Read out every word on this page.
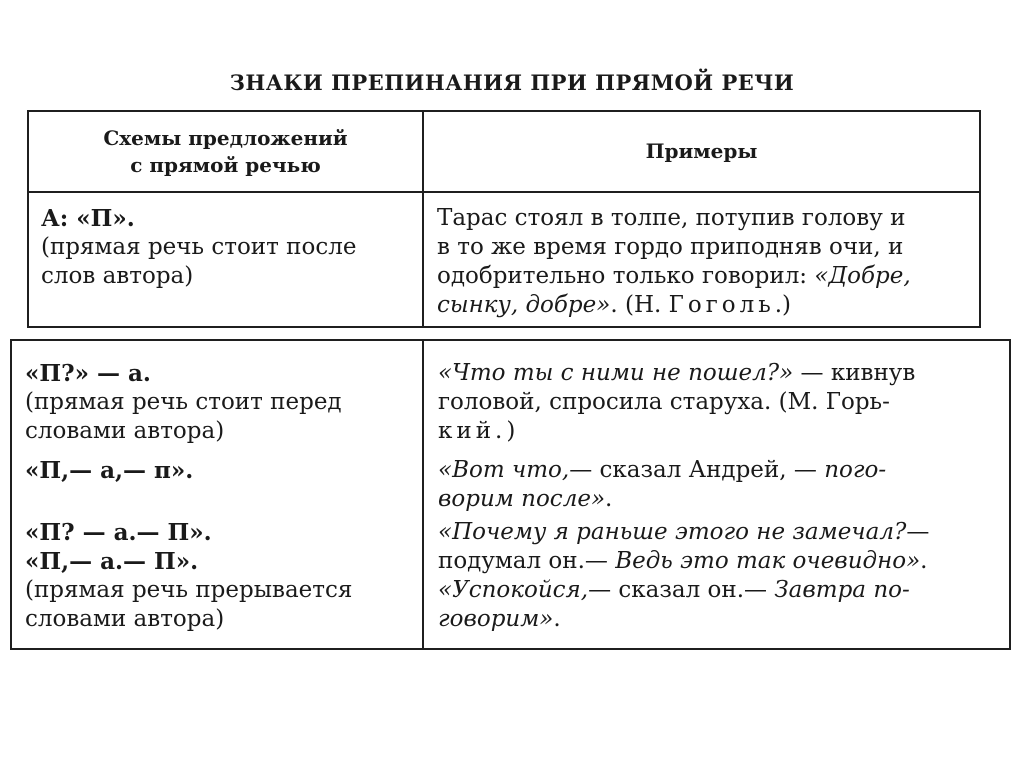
ЗНАКИ ПРЕПИНАНИЯ ПРИ ПРЯМОЙ РЕЧИ
Схемы предложений
с прямой речью
Примеры
А: «П».
(прямая речь стоит после
слов автора)
Тарас стоял в толпе, потупив голову и
в то же время гордо приподняв очи, и
одобрительно только говорил: «Добре,
сынку, добре». (Н. Гоголь.)
«П?» — а.
(прямая речь стоит перед
словами автора)
«Что ты с ними не пошел?» — кивнув
головой, спросила старуха. (М. Горь-
кий.)
«П,— а,— п».	«Вот что,— сказал Андрей, — пого-
ворим после».
«П? — а.— П».
«П,— а.— П».
(прямая речь прерывается
словами автора)
«Почему я раньше этого не замечал?—
подумал он.— Ведь это так очевидно».
«Успокойся,— сказал он.— Завтра по-
говорим».
